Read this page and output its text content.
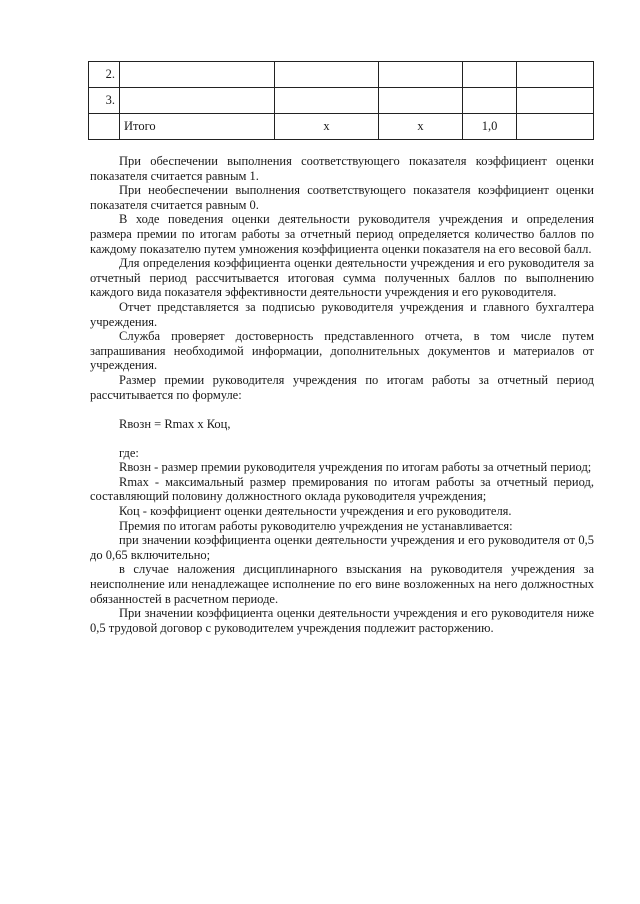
2.					
3.					
	Итого	х	х	1,0	

При обеспечении выполнения соответствующего показателя коэффициент оценки показателя считается равным 1.

При необеспечении выполнения соответствующего показателя коэффициент оценки показателя считается равным 0.

В ходе поведения оценки деятельности руководителя учреждения и определения размера премии по итогам работы за отчетный период определяется количество баллов по каждому показателю путем умножения коэффициента оценки показателя на его весовой балл.

Для определения коэффициента оценки деятельности учреждения и его руководителя за отчетный период рассчитывается итоговая сумма полученных баллов по выполнению каждого вида показателя эффективности деятельности учреждения и его руководителя.

Отчет представляется за подписью руководителя учреждения и главного бухгалтера учреждения.

Служба проверяет достоверность представленного отчета, в том числе путем запрашивания необходимой информации, дополнительных документов и материалов от учреждения.

Размер премии руководителя учреждения по итогам работы за отчетный период рассчитывается по формуле:

Rвозн = Rmax x Коц,

где:

Rвозн - размер премии руководителя учреждения по итогам работы за отчетный период;

Rmax - максимальный размер премирования по итогам работы за отчетный период, составляющий половину должностного оклада руководителя учреждения;

Коц - коэффициент оценки деятельности учреждения и его руководителя.

Премия по итогам работы руководителю учреждения не устанавливается:

при значении коэффициента оценки деятельности учреждения и его руководителя от 0,5 до 0,65 включительно;

в случае наложения дисциплинарного взыскания на руководителя учреждения за неисполнение или ненадлежащее исполнение по его вине возложенных на него должностных обязанностей в расчетном периоде.

При значении коэффициента оценки деятельности учреждения и его руководителя ниже 0,5 трудовой договор с руководителем учреждения подлежит расторжению.
